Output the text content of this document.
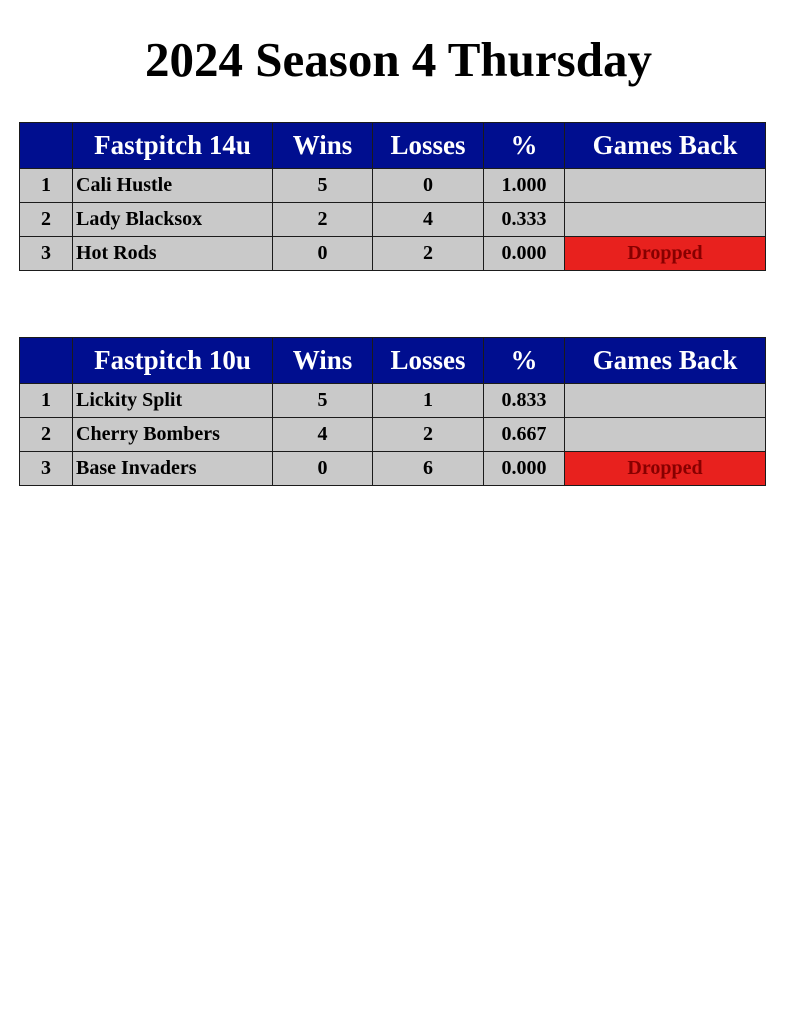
2024 Season 4 Thursday
	Fastpitch 14u	Wins	Losses	%	Games Back
1	Cali Hustle	5	0	1.000	
2	Lady Blacksox	2	4	0.333	
3	Hot Rods	0	2	0.000	Dropped
	Fastpitch 10u	Wins	Losses	%	Games Back
1	Lickity Split	5	1	0.833	
2	Cherry Bombers	4	2	0.667	
3	Base Invaders	0	6	0.000	Dropped
